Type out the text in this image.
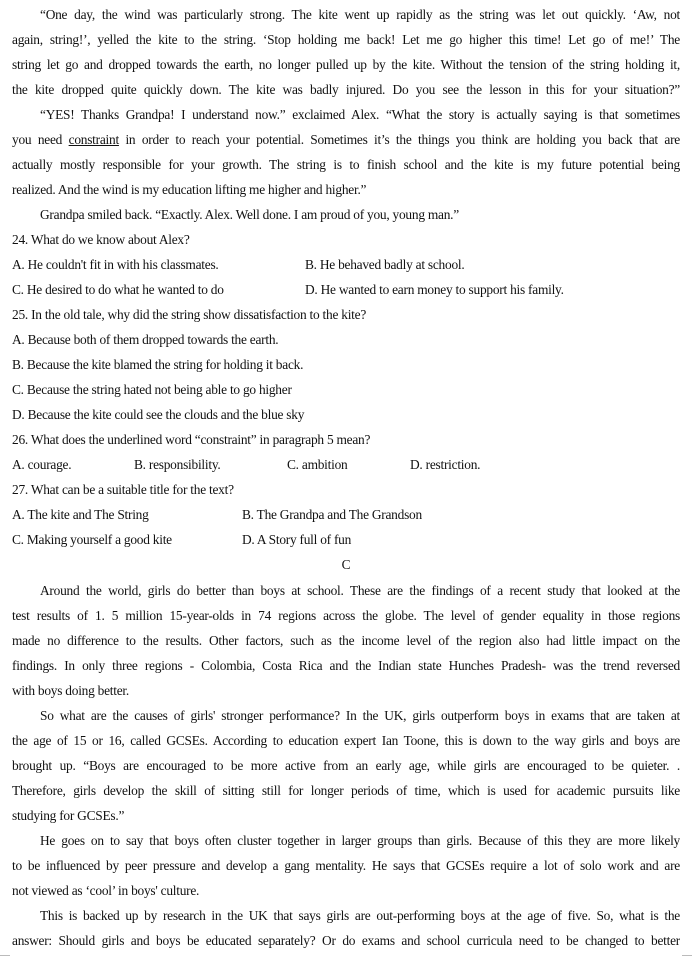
“One day, the wind was particularly strong. The kite went up rapidly as the string was let out quickly. ‘Aw, not
again, string!’, yelled the kite to the string. ‘Stop holding me back! Let me go higher this time! Let go of me!’ The
string let go and dropped towards the earth, no longer pulled up by the kite. Without the tension of the string holding it,
the kite dropped quite quickly down. The kite was badly injured. Do you see the lesson in this for your situation?”
“YES! Thanks Grandpa! I understand now.” exclaimed Alex. “What the story is actually saying is that sometimes
you need constraint in order to reach your potential. Sometimes it’s the things you think are holding you back that are
actually mostly responsible for your growth. The string is to finish school and the kite is my future potential being
realized. And the wind is my education lifting me higher and higher.”
Grandpa smiled back. “Exactly. Alex. Well done. I am proud of you, young man.”
24. What do we know about Alex?
A. He couldn't fit in with his classmates.	B. He behaved badly at school.
C. He desired to do what he wanted to do	D. He wanted to earn money to support his family.
25. In the old tale, why did the string show dissatisfaction to the kite?
A. Because both of them dropped towards the earth.
B. Because the kite blamed the string for holding it back.
C. Because the string hated not being able to go higher
D. Because the kite could see the clouds and the blue sky
26. What does the underlined word “constraint” in paragraph 5 mean?
A. courage.	B. responsibility.	C. ambition	D. restriction.
27. What can be a suitable title for the text?
A. The kite and The String	B. The Grandpa and The Grandson
C. Making yourself a good kite	D. A Story full of fun
C
Around the world, girls do better than boys at school. These are the findings of a recent study that looked at the
test results of 1. 5 million 15-year-olds in 74 regions across the globe. The level of gender equality in those regions
made no difference to the results. Other factors, such as the income level of the region also had little impact on the
findings. In only three regions - Colombia, Costa Rica and the Indian state Hunches Pradesh- was the trend reversed
with boys doing better.
So what are the causes of girls' stronger performance? In the UK, girls outperform boys in exams that are taken at
the age of 15 or 16, called GCSEs. According to education expert Ian Toone, this is down to the way girls and boys are
brought up. “Boys are encouraged to be more active from an early age, while girls are encouraged to be quieter. .
Therefore, girls develop the skill of sitting still for longer periods of time, which is used for academic pursuits like
studying for GCSEs.”
He goes on to say that boys often cluster together in larger groups than girls. Because of this they are more likely
to be influenced by peer pressure and develop a gang mentality. He says that GCSEs require a lot of solo work and are
not viewed as ‘cool’ in boys' culture.
This is backed up by research in the UK that says girls are out-performing boys at the age of five. So, what is the
answer: Should girls and boys be educated separately? Or do exams and school curricula need to be changed to better
